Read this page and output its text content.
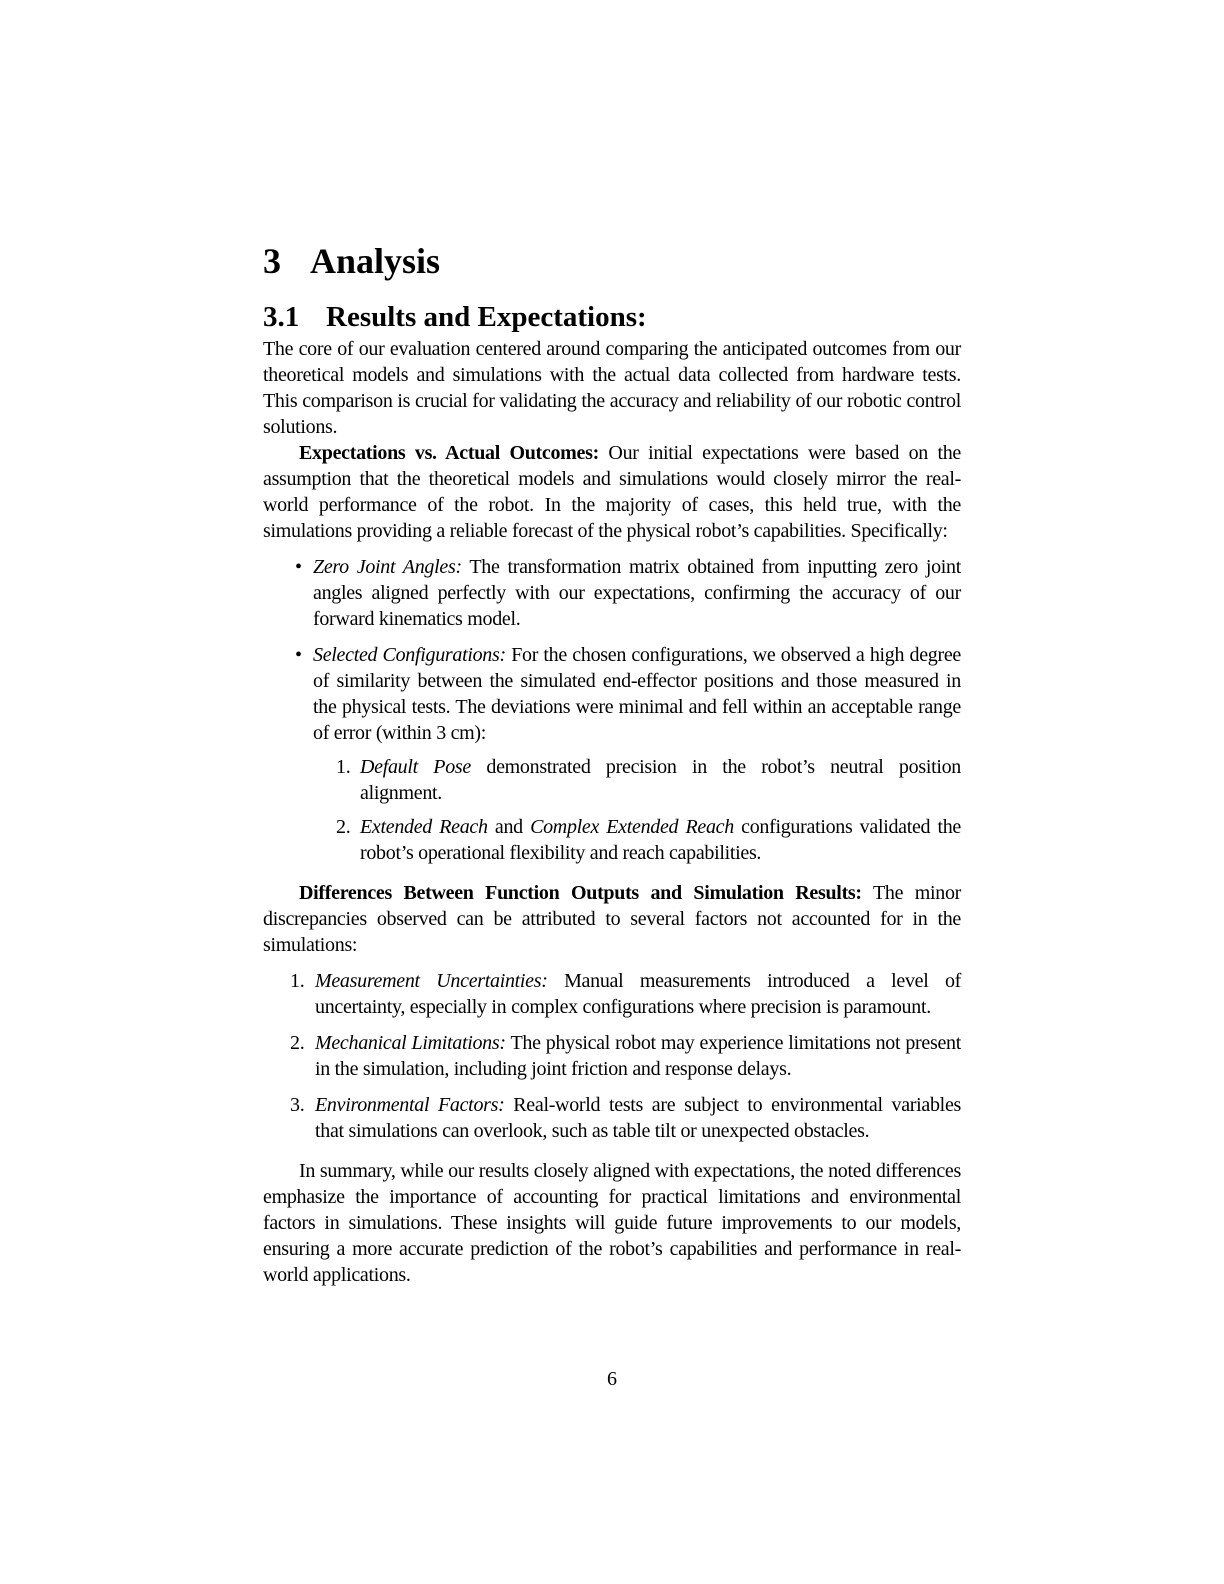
3 Analysis
3.1 Results and Expectations:

The core of our evaluation centered around comparing the anticipated outcomes from our theoretical models and simulations with the actual data collected from hardware tests. This comparison is crucial for validating the accuracy and reliability of our robotic control solutions.

Expectations vs. Actual Outcomes: Our initial expectations were based on the assumption that the theoretical models and simulations would closely mirror the real-world performance of the robot. In the majority of cases, this held true, with the simulations providing a reliable forecast of the physical robot’s capabilities. Specifically:

• Zero Joint Angles: The transformation matrix obtained from inputting zero joint angles aligned perfectly with our expectations, confirming the accuracy of our forward kinematics model.
• Selected Configurations: For the chosen configurations, we observed a high degree of similarity between the simulated end-effector positions and those measured in the physical tests. The deviations were minimal and fell within an acceptable range of error (within 3 cm):
1. Default Pose demonstrated precision in the robot’s neutral position alignment.
2. Extended Reach and Complex Extended Reach configurations validated the robot’s operational flexibility and reach capabilities.

Differences Between Function Outputs and Simulation Results: The minor discrepancies observed can be attributed to several factors not accounted for in the simulations:

1. Measurement Uncertainties: Manual measurements introduced a level of uncertainty, especially in complex configurations where precision is paramount.
2. Mechanical Limitations: The physical robot may experience limitations not present in the simulation, including joint friction and response delays.
3. Environmental Factors: Real-world tests are subject to environmental variables that simulations can overlook, such as table tilt or unexpected obstacles.

In summary, while our results closely aligned with expectations, the noted differences emphasize the importance of accounting for practical limitations and environmental factors in simulations. These insights will guide future improvements to our models, ensuring a more accurate prediction of the robot’s capabilities and performance in real-world applications.

6
